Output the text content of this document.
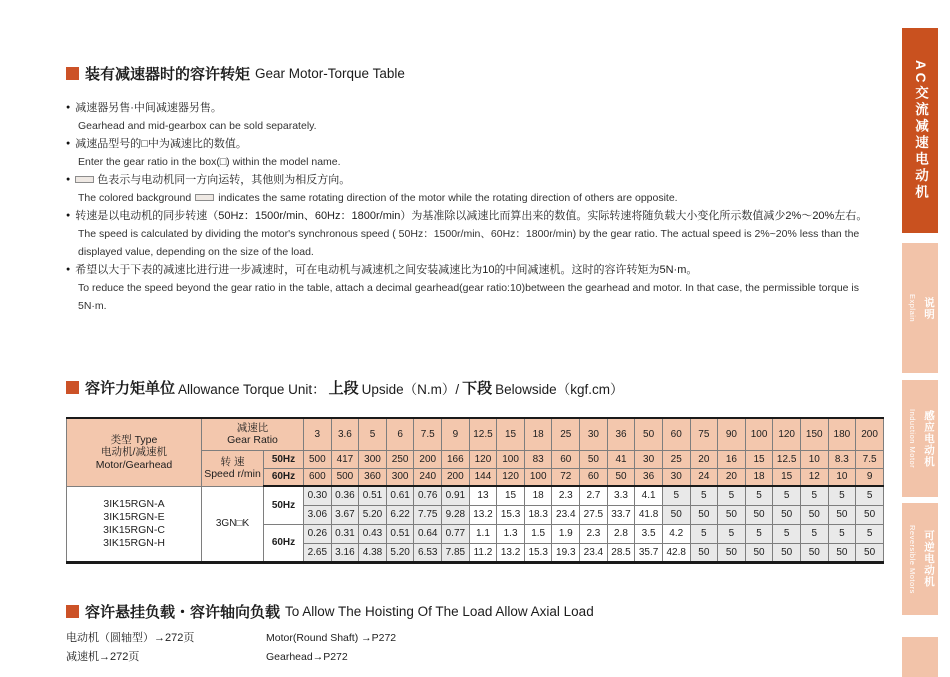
装有减速器时的容许转矩 Gear Motor-Torque Table
● 减速器另售·中间减速器另售。
Gearhead and mid-gearbox can be sold separately.
● 减速品型号的□中为减速比的数值。
Enter the gear ratio in the box(□) within the model name.
● 色表示与电动机同一方向运转，其他则为相反方向。
The colored background	indicates the same rotating direction of the motor while the rotating direction of others are opposite.
● 转速是以电动机的同步转速（50Hz：1500r/min、60Hz：1800r/min）为基准除以减速比而算出来的数值。实际转速将随负载大小变化所示数值减少2%～20%左右。
The speed is calculated by dividing the motor's synchronous speed ( 50Hz：1500r/min、60Hz：1800r/min) by the gear ratio. The actual speed is 2%~20% less than the displayed value, depending on the size of the load.
● 希望以大于下表的减速比进行进一步减速时，可在电动机与减速机之间安装减速比为10的中间减速机。这时的容许转矩为5N·m。
To reduce the speed beyond the gear ratio in the table, attach a decimal gearhead(gear ratio:10)between the gearhead and motor. In that case, the permissible torque is 5N·m.
容许力矩单位 Allowance Torque Unit： 上段 Upside（N.m）/ 下段 Belowside（kgf.cm）
类型 Type
电动机/减速机
Motor/Gearhead

减速比
Gear Ratio	3	3.6	5	6	7.5	9	12.5	15	18	25	30	36	50	60	75	90	100	120	150	180	200

	转 速
Speed r/min	50Hz	500	417	300	250	200	166	120	100	83	60	50	41	30	25	20	16	15	12.5	10	8.3	7.5
		60Hz	600	500	360	300	240	200	144	120	100	72	60	50	36	30	24	20	18	15	12	10	9

3IK15RGN-A
3IK15RGN-E
3IK15RGN-C
3IK15RGN-H	3GN□K	50Hz	0.30	0.36	0.51	0.61	0.76	0.91	13	15	18	2.3	2.7	3.3	4.1	5	5	5	5	5	5	5	5
			3.06	3.67	5.20	6.22	7.75	9.28	13.2	15.3	18.3	23.4	27.5	33.7	41.8	50	50	50	50	50	50	50	50
		60Hz	0.26	0.31	0.43	0.51	0.64	0.77	1.1	1.3	1.5	1.9	2.3	2.8	3.5	4.2	5	5	5	5	5	5	5
			2.65	3.16	4.38	5.20	6.53	7.85	11.2	13.2	15.3	19.3	23.4	28.5	35.7	42.8	50	50	50	50	50	50	50
容许悬挂负载・容许轴向负载 To Allow The Hoisting Of The Load Allow Axial Load
电动机（圆轴型）→272页	Motor(Round Shaft) →P272
减速机→272页	Gearhead→P272
AC交流减速电动机
说明
Explain
感应电动机
Induction Motor
可逆电动机
Reversible Motors
